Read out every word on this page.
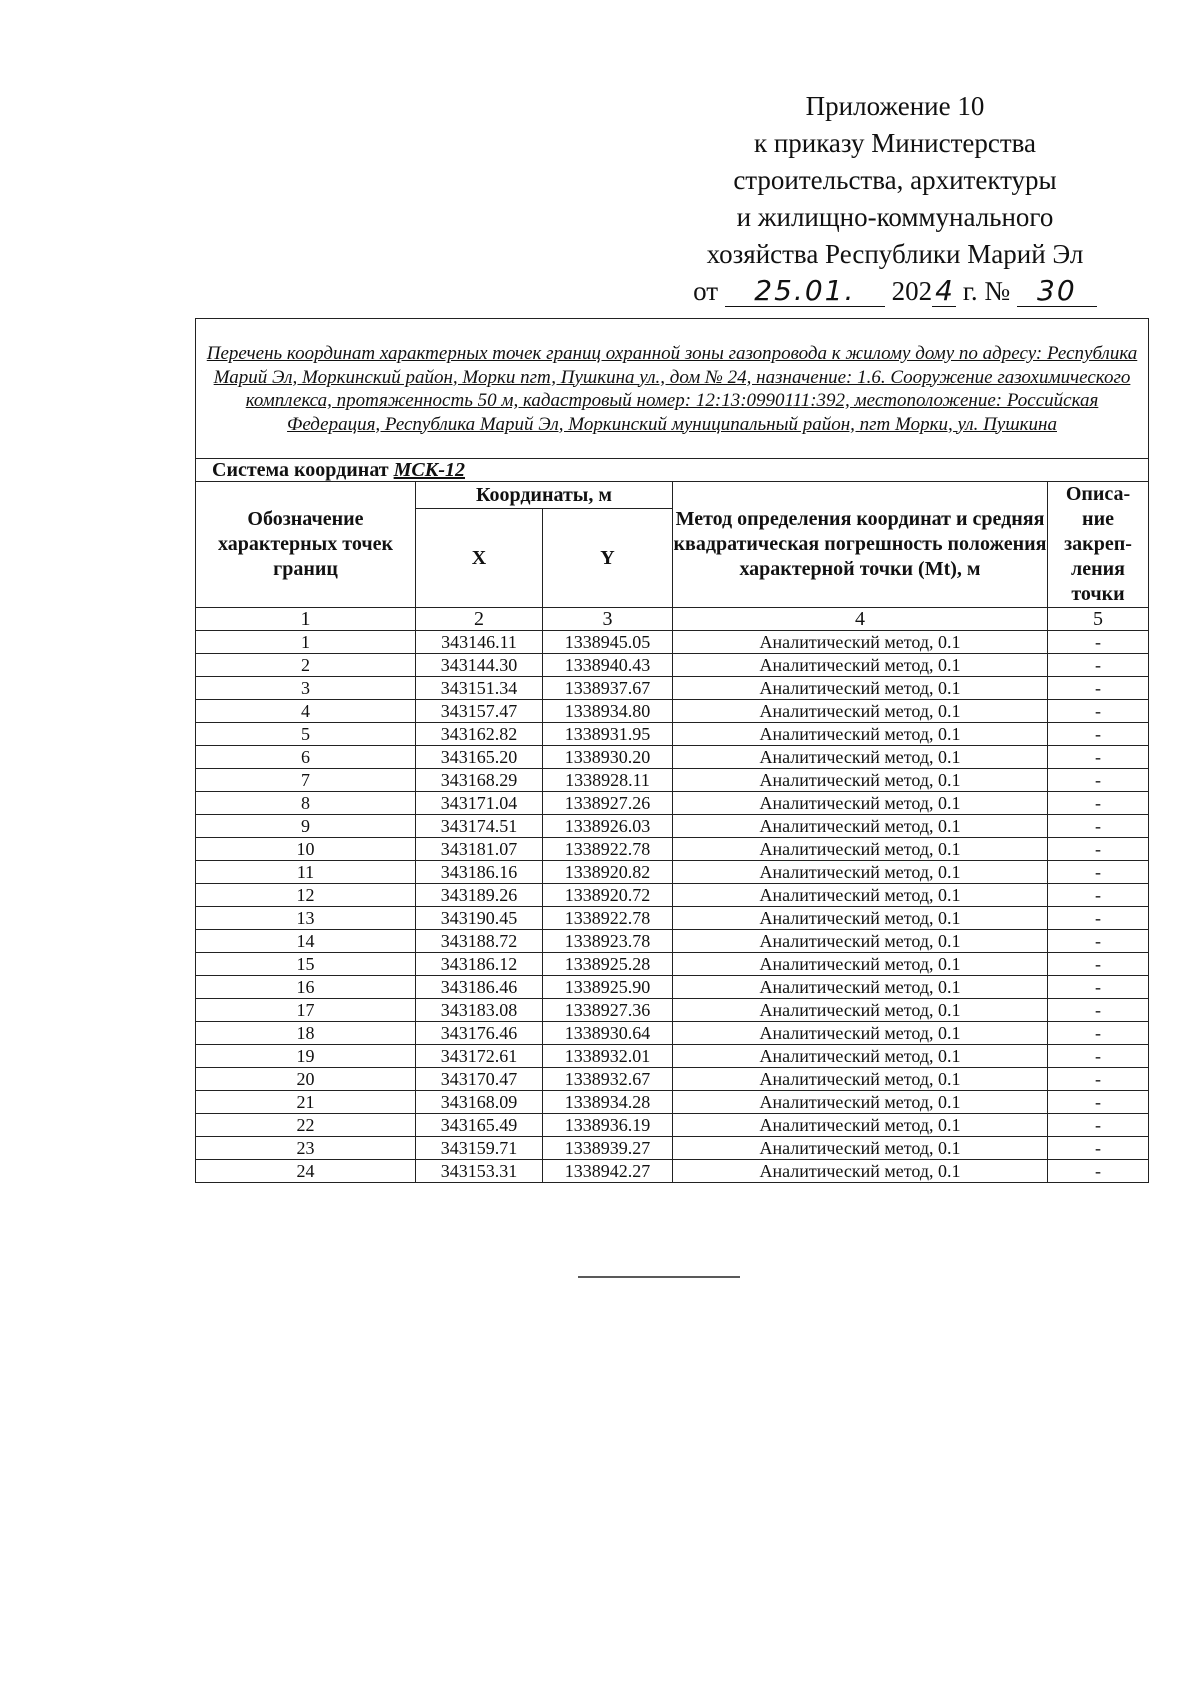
Приложение 10
к приказу Министерства
строительства, архитектуры
и жилищно-коммунального
хозяйства Республики Марий Эл
от 25.01. 202 4 г. № 30
Перечень координат характерных точек границ охранной зоны газопровода к жилому дому по адресу: Республика Марий Эл, Моркинский район, Морки пгт, Пушкина ул., дом № 24, назначение: 1.6. Сооружение газохимического комплекса, протяженность 50 м, кадастровый номер: 12:13:0990111:392, местоположение: Российская Федерация, Республика Марий Эл, Моркинский муниципальный район, пгт Морки, ул. Пушкина				
Система координат МСК-12				
Обозначение характерных точек границ	Координаты, м		Метод определения координат и средняя квадратическая погрешность положения характерной точки (Mt), м	Описа- ние закреп- ления точки
	X	Y		
1	2	3	4	5
1	343146.11	1338945.05	Аналитический метод, 0.1	-
2	343144.30	1338940.43	Аналитический метод, 0.1	-
3	343151.34	1338937.67	Аналитический метод, 0.1	-
4	343157.47	1338934.80	Аналитический метод, 0.1	-
5	343162.82	1338931.95	Аналитический метод, 0.1	-
6	343165.20	1338930.20	Аналитический метод, 0.1	-
7	343168.29	1338928.11	Аналитический метод, 0.1	-
8	343171.04	1338927.26	Аналитический метод, 0.1	-
9	343174.51	1338926.03	Аналитический метод, 0.1	-
10	343181.07	1338922.78	Аналитический метод, 0.1	-
11	343186.16	1338920.82	Аналитический метод, 0.1	-
12	343189.26	1338920.72	Аналитический метод, 0.1	-
13	343190.45	1338922.78	Аналитический метод, 0.1	-
14	343188.72	1338923.78	Аналитический метод, 0.1	-
15	343186.12	1338925.28	Аналитический метод, 0.1	-
16	343186.46	1338925.90	Аналитический метод, 0.1	-
17	343183.08	1338927.36	Аналитический метод, 0.1	-
18	343176.46	1338930.64	Аналитический метод, 0.1	-
19	343172.61	1338932.01	Аналитический метод, 0.1	-
20	343170.47	1338932.67	Аналитический метод, 0.1	-
21	343168.09	1338934.28	Аналитический метод, 0.1	-
22	343165.49	1338936.19	Аналитический метод, 0.1	-
23	343159.71	1338939.27	Аналитический метод, 0.1	-
24	343153.31	1338942.27	Аналитический метод, 0.1	-
